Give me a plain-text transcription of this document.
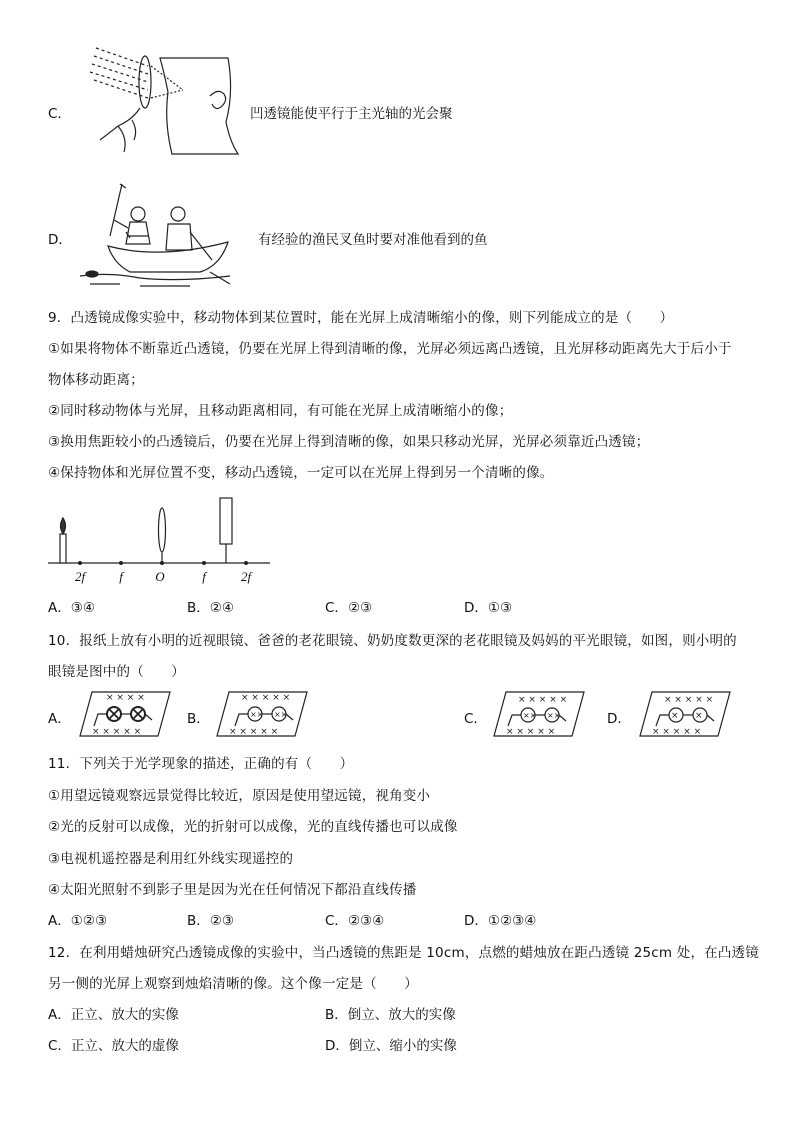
C．	凹透镜能使平行于主光轴的光会聚
D．	有经验的渔民叉鱼时要对准他看到的鱼
9．凸透镜成像实验中，移动物体到某位置时，能在光屏上成清晰缩小的像，则下列能成立的是（　　）
①如果将物体不断靠近凸透镜，仍要在光屏上得到清晰的像，光屏必须远离凸透镜，且光屏移动距离先大于后小于
物体移动距离；
②同时移动物体与光屏，且移动距离相同，有可能在光屏上成清晰缩小的像；
③换用焦距较小的凸透镜后，仍要在光屏上得到清晰的像，如果只移动光屏，光屏必须靠近凸透镜；
④保持物体和光屏位置不变，移动凸透镜，一定可以在光屏上得到另一个清晰的像。
2f	f O	f	2f
A．③④	B．②④	C．②③	D．①③
10．报纸上放有小明的近视眼镜、爸爸的老花眼镜、奶奶度数更深的老花眼镜及妈妈的平光眼镜，如图，则小明的
眼镜是图中的（　　）
A．
× × × ×
× × × × ×
B．
× × × × ×
× × × × ×
×× ××	C．
× × × × ×
× × × × ×
×× ××	D．
× × × × ×
× × × × ×
× ×
11．下列关于光学现象的描述，正确的有（　　）
①用望远镜观察远景觉得比较近，原因是使用望远镜，视角变小
②光的反射可以成像，光的折射可以成像，光的直线传播也可以成像
③电视机遥控器是利用红外线实现遥控的
④太阳光照射不到影子里是因为光在任何情况下都沿直线传播
A．①②③	B．②③	C．②③④	D．①②③④
12．在利用蜡烛研究凸透镜成像的实验中，当凸透镜的焦距是 10cm，点燃的蜡烛放在距凸透镜 25cm 处，在凸透镜
另一侧的光屏上观察到烛焰清晰的像。这个像一定是（　　）
A．正立、放大的实像	B．倒立、放大的实像
C．正立、放大的虚像	D．倒立、缩小的实像
